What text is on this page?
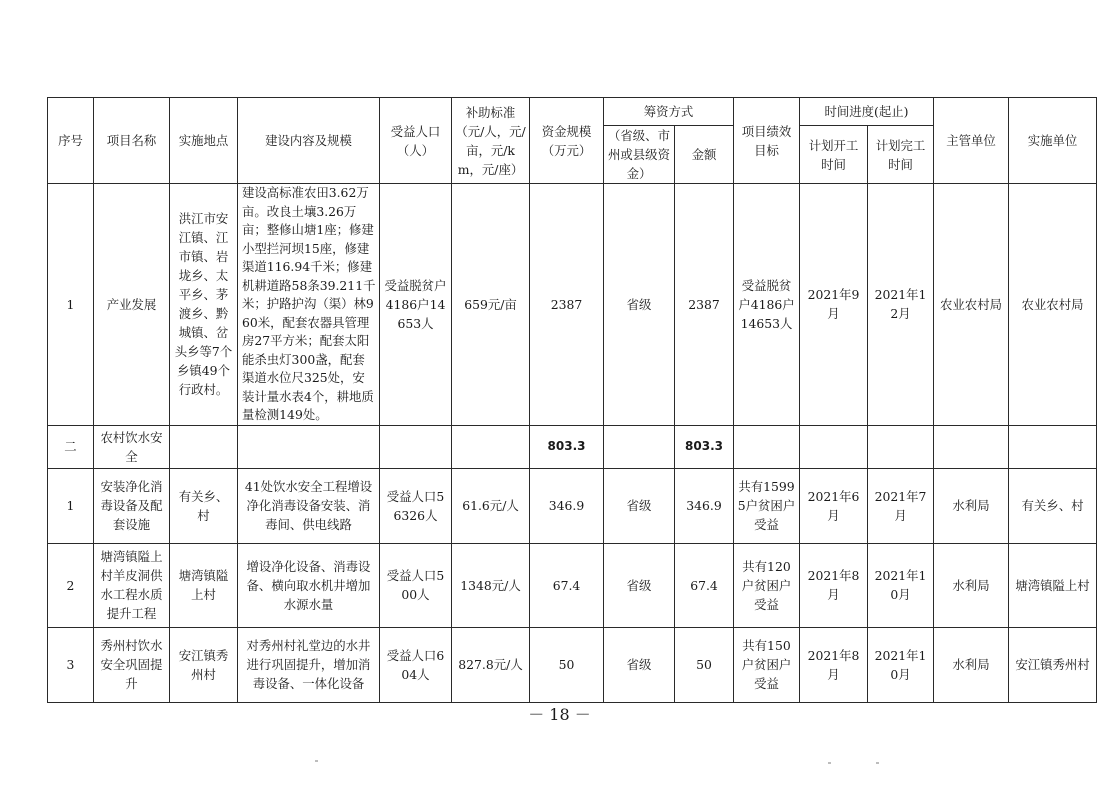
序号	项目名称	实施地点	建设内容及规模	受益人口（人）	补助标准（元/人，元/亩，元/km，元/座）	资金规模（万元）	筹资方式		项目绩效目标	时间进度(起止)		主管单位	实施单位
							（省级、市州或县级资金）	金额		计划开工时间	计划完工时间		
1	产业发展	洪江市安江镇、江市镇、岩垅乡、太平乡、茅渡乡、黔城镇、岔头乡等7个乡镇49个行政村。	建设高标准农田3.62万亩。改良土壤3.26万亩；整修山塘1座；修建小型拦河坝15座，修建渠道116.94千米；修建机耕道路58条39.211千米；护路护沟（渠）林960米，配套农器具管理房27平方米；配套太阳能杀虫灯300盏，配套渠道水位尺325处，安装计量水表4个，耕地质量检测149处。	受益脱贫户4186户14653人	659元/亩	2387	省级	2387	受益脱贫户4186户14653人	2021年9月	2021年12月	农业农村局	农业农村局
二	农村饮水安全					803.3		803.3					
1	安装净化消毒设备及配套设施	有关乡、村	41处饮水安全工程增设净化消毒设备安装、消毒间、供电线路	受益人口56326人	61.6元/人	346.9	省级	346.9	共有15995户贫困户受益	2021年6月	2021年7月	水利局	有关乡、村
2	塘湾镇隘上村羊皮洞供水工程水质提升工程	塘湾镇隘上村	增设净化设备、消毒设备、横向取水机井增加水源水量	受益人口500人	1348元/人	67.4	省级	67.4	共有120户贫困户受益	2021年8月	2021年10月	水利局	塘湾镇隘上村
3	秀州村饮水安全巩固提升	安江镇秀州村	对秀州村礼堂边的水井进行巩固提升，增加消毒设备、一体化设备	受益人口604人	827.8元/人	50	省级	50	共有150户贫困户受益	2021年8月	2021年10月	水利局	安江镇秀州村
－ 18 －
